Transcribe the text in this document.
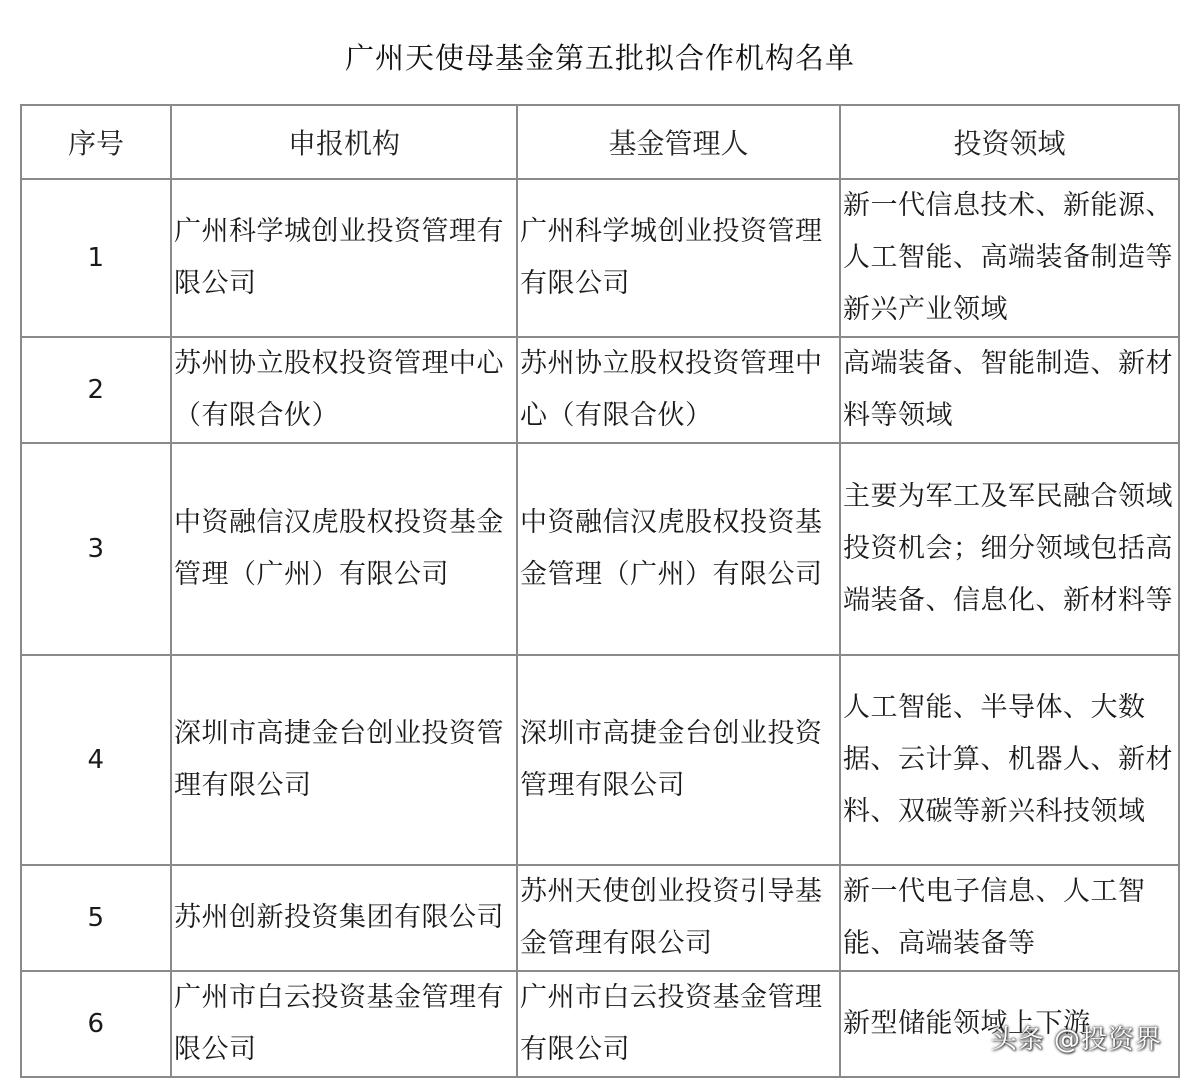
广州天使母基金第五批拟合作机构名单
序号	申报机构	基金管理人	投资领域
1	广州科学城创业投资管理有限公司	广州科学城创业投资管理有限公司	新一代信息技术、新能源、人工智能、高端装备制造等新兴产业领域
2	苏州协立股权投资管理中心（有限合伙）	苏州协立股权投资管理中心（有限合伙）	高端装备、智能制造、新材料等领域
3	中资融信汉虎股权投资基金管理（广州）有限公司	中资融信汉虎股权投资基金管理（广州）有限公司	主要为军工及军民融合领域投资机会；细分领域包括高端装备、信息化、新材料等
4	深圳市高捷金台创业投资管理有限公司	深圳市高捷金台创业投资管理有限公司	人工智能、半导体、大数据、云计算、机器人、新材料、双碳等新兴科技领域
5	苏州创新投资集团有限公司	苏州天使创业投资引导基金管理有限公司	新一代电子信息、人工智能、高端装备等
6	广州市白云投资基金管理有限公司	广州市白云投资基金管理有限公司	新型储能领域上下游
头条 @投资界
